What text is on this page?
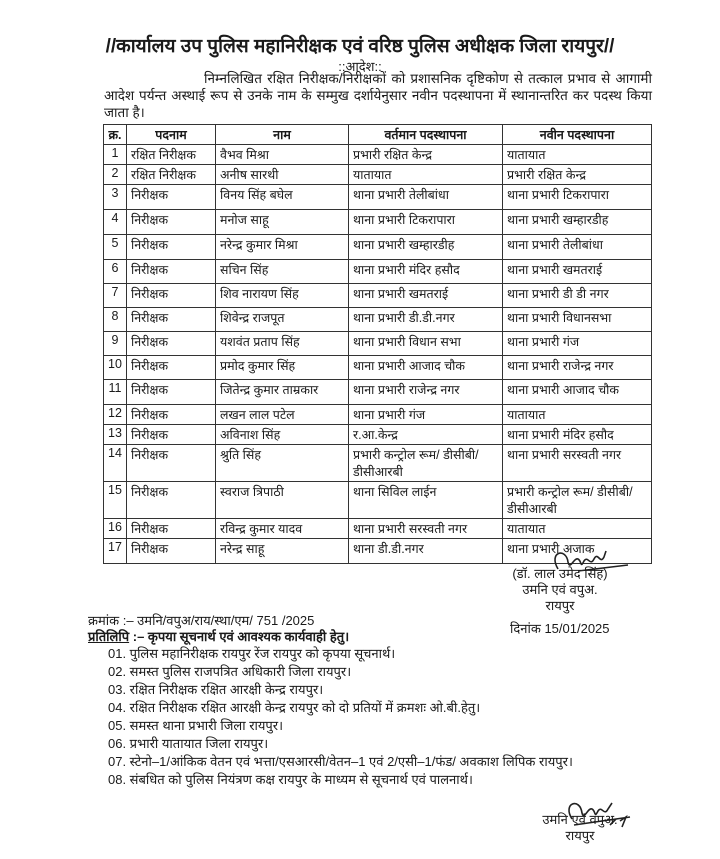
//कार्यालय उप पुलिस महानिरीक्षक एवं वरिष्ठ पुलिस अधीक्षक जिला रायपुर//
::आदेश::
निम्नलिखित रक्षित निरीक्षक/निरीक्षकों को प्रशासनिक दृष्टिकोण से तत्काल प्रभाव से आगामी आदेश पर्यन्त अस्थाई रूप से उनके नाम के सम्मुख दर्शायेनुसार नवीन पदस्थापना में स्थानान्तरित कर पदस्थ किया जाता है।
क्र.	पदनाम	नाम	वर्तमान पदस्थापना	नवीन पदस्थापना
1	रक्षित निरीक्षक	वैभव मिश्रा	प्रभारी रक्षित केन्द्र	यातायात
2	रक्षित निरीक्षक	अनीष सारथी	यातायात	प्रभारी रक्षित केन्द्र
3	निरीक्षक	विनय सिंह बघेल	थाना प्रभारी तेलीबांधा	थाना प्रभारी टिकरापारा
4	निरीक्षक	मनोज साहू	थाना प्रभारी टिकरापारा	थाना प्रभारी खम्हारडीह
5	निरीक्षक	नरेन्द्र कुमार मिश्रा	थाना प्रभारी खम्हारडीह	थाना प्रभारी तेलीबांधा
6	निरीक्षक	सचिन सिंह	थाना प्रभारी मंदिर हसौद	थाना प्रभारी खमतराई
7	निरीक्षक	शिव नारायण सिंह	थाना प्रभारी खमतराई	थाना प्रभारी डी डी नगर
8	निरीक्षक	शिवेन्द्र राजपूत	थाना प्रभारी डी.डी.नगर	थाना प्रभारी विधानसभा
9	निरीक्षक	यशवंत प्रताप सिंह	थाना प्रभारी विधान सभा	थाना प्रभारी गंज
10	निरीक्षक	प्रमोद कुमार सिंह	थाना प्रभारी आजाद चौक	थाना प्रभारी राजेन्द्र नगर
11	निरीक्षक	जितेन्द्र कुमार ताम्रकार	थाना प्रभारी राजेन्द्र नगर	थाना प्रभारी आजाद चौक
12	निरीक्षक	लखन लाल पटेल	थाना प्रभारी गंज	यातायात
13	निरीक्षक	अविनाश सिंह	र.आ.केन्द्र	थाना प्रभारी मंदिर हसौद
14	निरीक्षक	श्रुति सिंह	प्रभारी कन्ट्रोल रूम/ डीसीबी/डीसीआरबी	थाना प्रभारी सरस्वती नगर
15	निरीक्षक	स्वराज त्रिपाठी	थाना सिविल लाईन	प्रभारी कन्ट्रोल रूम/ डीसीबी/डीसीआरबी
16	निरीक्षक	रविन्द्र कुमार यादव	थाना प्रभारी सरस्वती नगर	यातायात
17	निरीक्षक	नरेन्द्र साहू	थाना डी.डी.नगर	थाना प्रभारी अजाक
(डॉ. लाल उमेद सिंह)
उमनि एवं वपुअ.
रायपुर
क्रमांक :– उमनि/वपुअ/राय/स्था/एम/ 751 /2025
दिनांक 15/01/2025
प्रतिलिपि :– कृपया सूचनार्थ एवं आवश्यक कार्यवाही हेतु।
01. पुलिस महानिरीक्षक रायपुर रेंज रायपुर को कृपया सूचनार्थ।
02. समस्त पुलिस राजपत्रित अधिकारी जिला रायपुर।
03. रक्षित निरीक्षक रक्षित आरक्षी केन्द्र रायपुर।
04. रक्षित निरीक्षक रक्षित आरक्षी केन्द्र रायपुर को दो प्रतियों में क्रमशः ओ.बी.हेतु।
05. समस्त थाना प्रभारी जिला रायपुर।
06. प्रभारी यातायात जिला रायपुर।
07. स्टेनो–1/आंकिक वेतन एवं भत्ता/एसआरसी/वेतन–1 एवं 2/एसी–1/फंड/ अवकाश लिपिक रायपुर।
08. संबधित को पुलिस नियंत्रण कक्ष रायपुर के माध्यम से सूचनार्थ एवं पालनार्थ।
उमनि एवं वपुअ.
रायपुर
